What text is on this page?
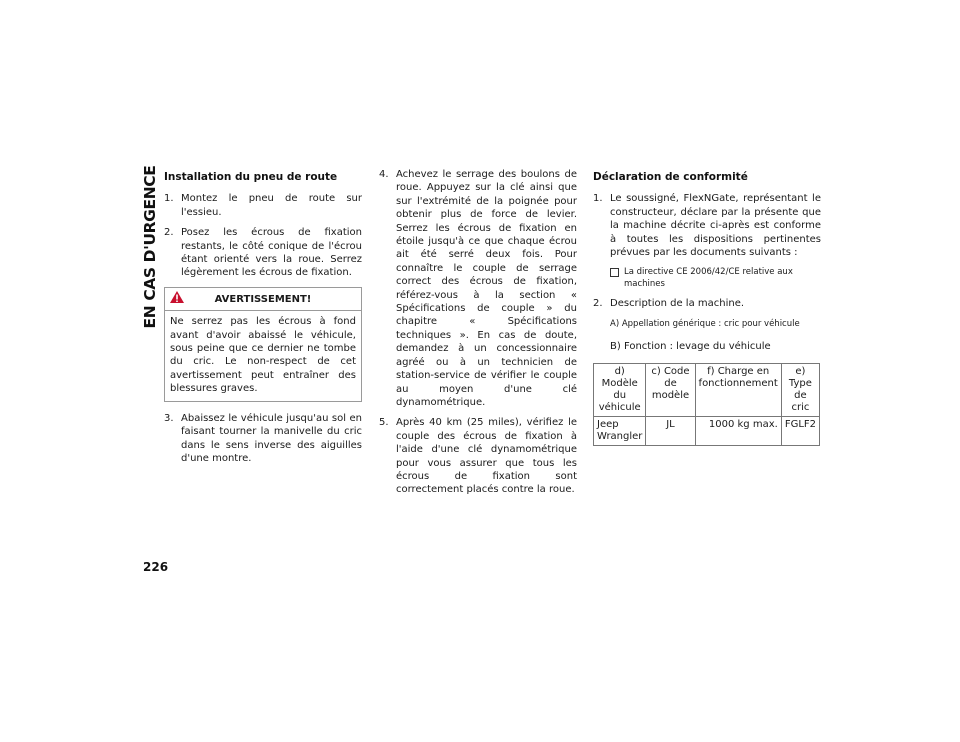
EN CAS D'URGENCE
226
Installation du pneu de route
1. Montez le pneu de route sur l'essieu.
2. Posez les écrous de fixation restants, le côté conique de l'écrou étant orienté vers la roue. Serrez légèrement les écrous de fixation.
AVERTISSEMENT!
Ne serrez pas les écrous à fond avant d'avoir abaissé le véhicule, sous peine que ce dernier ne tombe du cric. Le non-respect de cet avertissement peut entraîner des blessures graves.
3. Abaissez le véhicule jusqu'au sol en faisant tourner la manivelle du cric dans le sens inverse des aiguilles d'une montre.
4. Achevez le serrage des boulons de roue. Appuyez sur la clé ainsi que sur l'extrémité de la poignée pour obtenir plus de force de levier. Serrez les écrous de fixation en étoile jusqu'à ce que chaque écrou ait été serré deux fois. Pour connaître le couple de serrage correct des écrous de fixation, référez-vous à la section « Spécifications de couple » du chapitre « Spécifications techniques ». En cas de doute, demandez à un concessionnaire agréé ou à un technicien de station-service de vérifier le couple au moyen d'une clé dynamométrique.
5. Après 40 km (25 miles), vérifiez le couple des écrous de fixation à l'aide d'une clé dynamométrique pour vous assurer que tous les écrous de fixation sont correctement placés contre la roue.
Déclaration de conformité
1. Le soussigné, FlexNGate, représentant le constructeur, déclare par la présente que la machine décrite ci-après est conforme à toutes les dispositions pertinentes prévues par les documents suivants :
La directive CE 2006/42/CE relative aux machines
2. Description de la machine.
A) Appellation générique : cric pour véhicule
B) Fonction : levage du véhicule
d) Modèle du véhicule	c) Code de modèle	f) Charge en fonctionnement	e) Type de cric
Jeep Wrangler	JL	1000 kg max.	FGLF2
